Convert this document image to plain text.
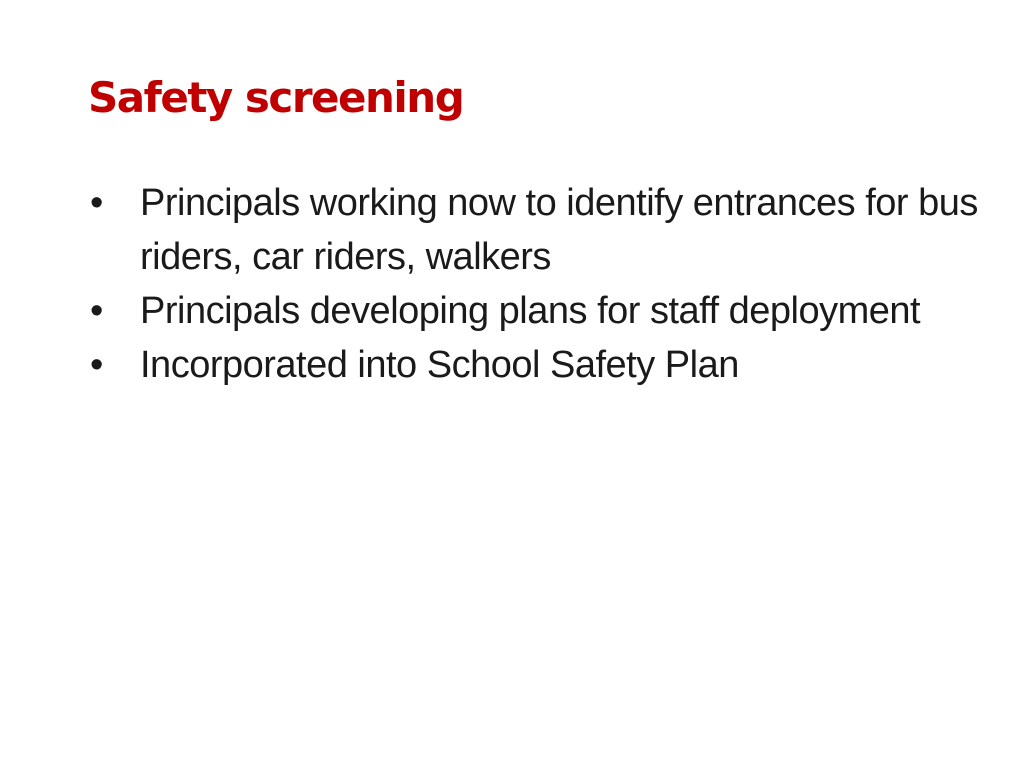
Safety screening
• Principals working now to identify entrances for bus riders, car riders, walkers
• Principals developing plans for staff deployment
• Incorporated into School Safety Plan
